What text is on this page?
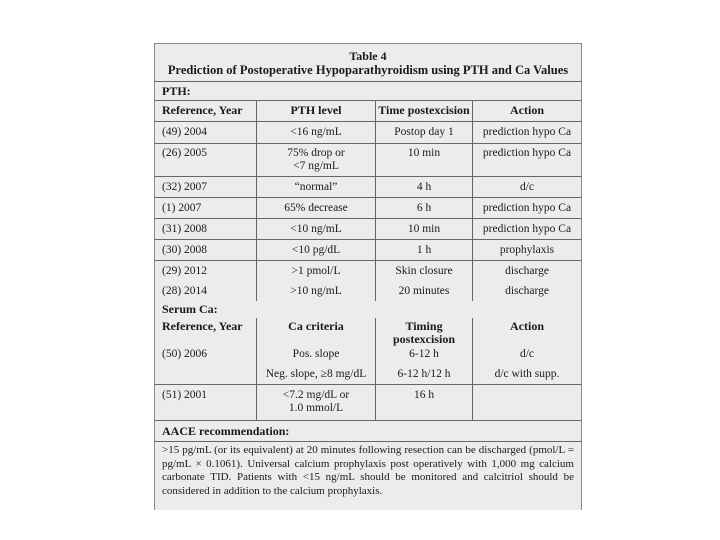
Table 4
Prediction of Postoperative Hypoparathyroidism using PTH and Ca Values
PTH:
Reference, Year	PTH level	Time postexcision	Action
(49) 2004	<16 ng/mL	Postop day 1	prediction hypo Ca
(26) 2005	75% drop or	10 min	prediction hypo Ca
	<7 ng/mL		
(32) 2007	“normal”	4 h	d/c
(1) 2007	65% decrease	6 h	prediction hypo Ca
(31) 2008	<10 ng/mL	10 min	prediction hypo Ca
(30) 2008	<10 pg/dL	1 h	prophylaxis
(29) 2012	>1 pmol/L	Skin closure	discharge
(28) 2014	>10 ng/mL	20 minutes	discharge
Serum Ca:
Reference, Year	Ca criteria	Timing postexcision	Action
(50) 2006	Pos. slope	6-12 h	d/c
	Neg. slope, ≥8 mg/dL	6-12 h/12 h	d/c with supp.
(51) 2001	<7.2 mg/dL or	16 h	
	1.0 mmol/L		
AACE recommendation:
>15 pg/mL (or its equivalent) at 20 minutes following resection can be discharged (pmol/L = pg/mL × 0.1061). Universal calcium prophylaxis post operatively with 1,000 mg calcium carbonate TID. Patients with <15 ng/mL should be monitored and calcitriol should be considered in addition to the calcium prophylaxis.
